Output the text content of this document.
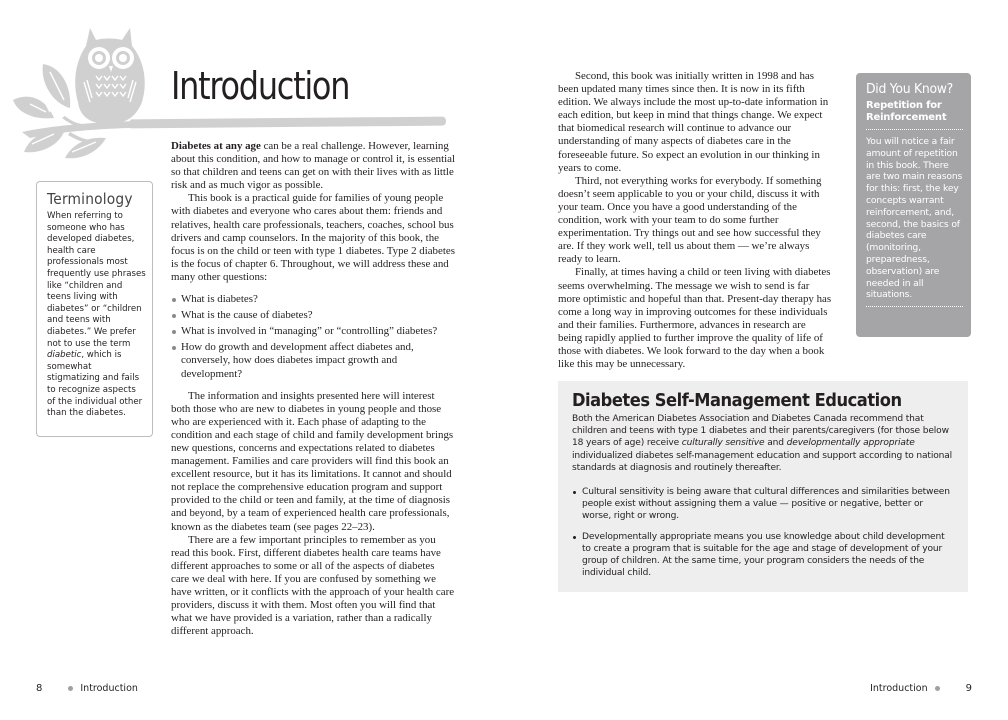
Introduction
Terminology
When referring to someone who has developed diabetes, health care professionals most frequently use phrases like “children and teens living with diabetes” or “children and teens with diabetes.” We prefer not to use the term diabetic, which is somewhat stigmatizing and fails to recognize aspects of the individual other than the diabetes.

Diabetes at any age can be a real challenge. However, learning about this condition, and how to manage or control it, is essential so that children and teens can get on with their lives with as little risk and as much vigor as possible.

This book is a practical guide for families of young people with diabetes and everyone who cares about them: friends and relatives, health care professionals, teachers, coaches, school bus drivers and camp counselors. In the majority of this book, the focus is on the child or teen with type 1 diabetes. Type 2 diabetes is the focus of chapter 6. Throughout, we will address these and many other questions:

What is diabetes?
What is the cause of diabetes?
What is involved in “managing” or “controlling” diabetes?
How do growth and development affect diabetes and, conversely, how does diabetes impact growth and development?

The information and insights presented here will interest both those who are new to diabetes in young people and those who are experienced with it. Each phase of adapting to the condition and each stage of child and family development brings new questions, concerns and expectations related to diabetes management. Families and care providers will find this book an excellent resource, but it has its limitations. It cannot and should not replace the comprehensive education program and support provided to the child or teen and family, at the time of diagnosis and beyond, by a team of experienced health care professionals, known as the diabetes team (see pages 22–23).

There are a few important principles to remember as you read this book. First, different diabetes health care teams have different approaches to some or all of the aspects of diabetes care we deal with here. If you are confused by something we have written, or it conflicts with the approach of your health care providers, discuss it with them. Most often you will find that what we have provided is a variation, rather than a radically different approach.

Second, this book was initially written in 1998 and has been updated many times since then. It is now in its fifth edition. We always include the most up-to-date information in each edition, but keep in mind that things change. We expect that biomedical research will continue to advance our understanding of many aspects of diabetes care in the foreseeable future. So expect an evolution in our thinking in years to come.

Third, not everything works for everybody. If something doesn’t seem applicable to you or your child, discuss it with your team. Once you have a good understanding of the condition, work with your team to do some further experimentation. Try things out and see how successful they are. If they work well, tell us about them — we’re always ready to learn.

Finally, at times having a child or teen living with diabetes seems overwhelming. The message we wish to send is far more optimistic and hopeful than that. Present-day therapy has come a long way in improving outcomes for these individuals and their families. Furthermore, advances in research are being rapidly applied to further improve the quality of life of those with diabetes. We look forward to the day when a book like this may be unnecessary.

Did You Know?
Repetition for Reinforcement
You will notice a fair amount of repetition in this book. There are two main reasons for this: first, the key concepts warrant reinforcement, and, second, the basics of diabetes care (monitoring, preparedness, observation) are needed in all situations.
Diabetes Self-Management Education
Both the American Diabetes Association and Diabetes Canada recommend that children and teens with type 1 diabetes and their parents/caregivers (for those below 18 years of age) receive culturally sensitive and developmentally appropriate individualized diabetes self-management education and support according to national standards at diagnosis and routinely thereafter.
Cultural sensitivity is being aware that cultural differences and similarities between people exist without assigning them a value — positive or negative, better or worse, right or wrong.
Developmentally appropriate means you use knowledge about child development to create a program that is suitable for the age and stage of development of your group of children. At the same time, your program considers the needs of the individual child.
8	Introduction	Introduction	9
